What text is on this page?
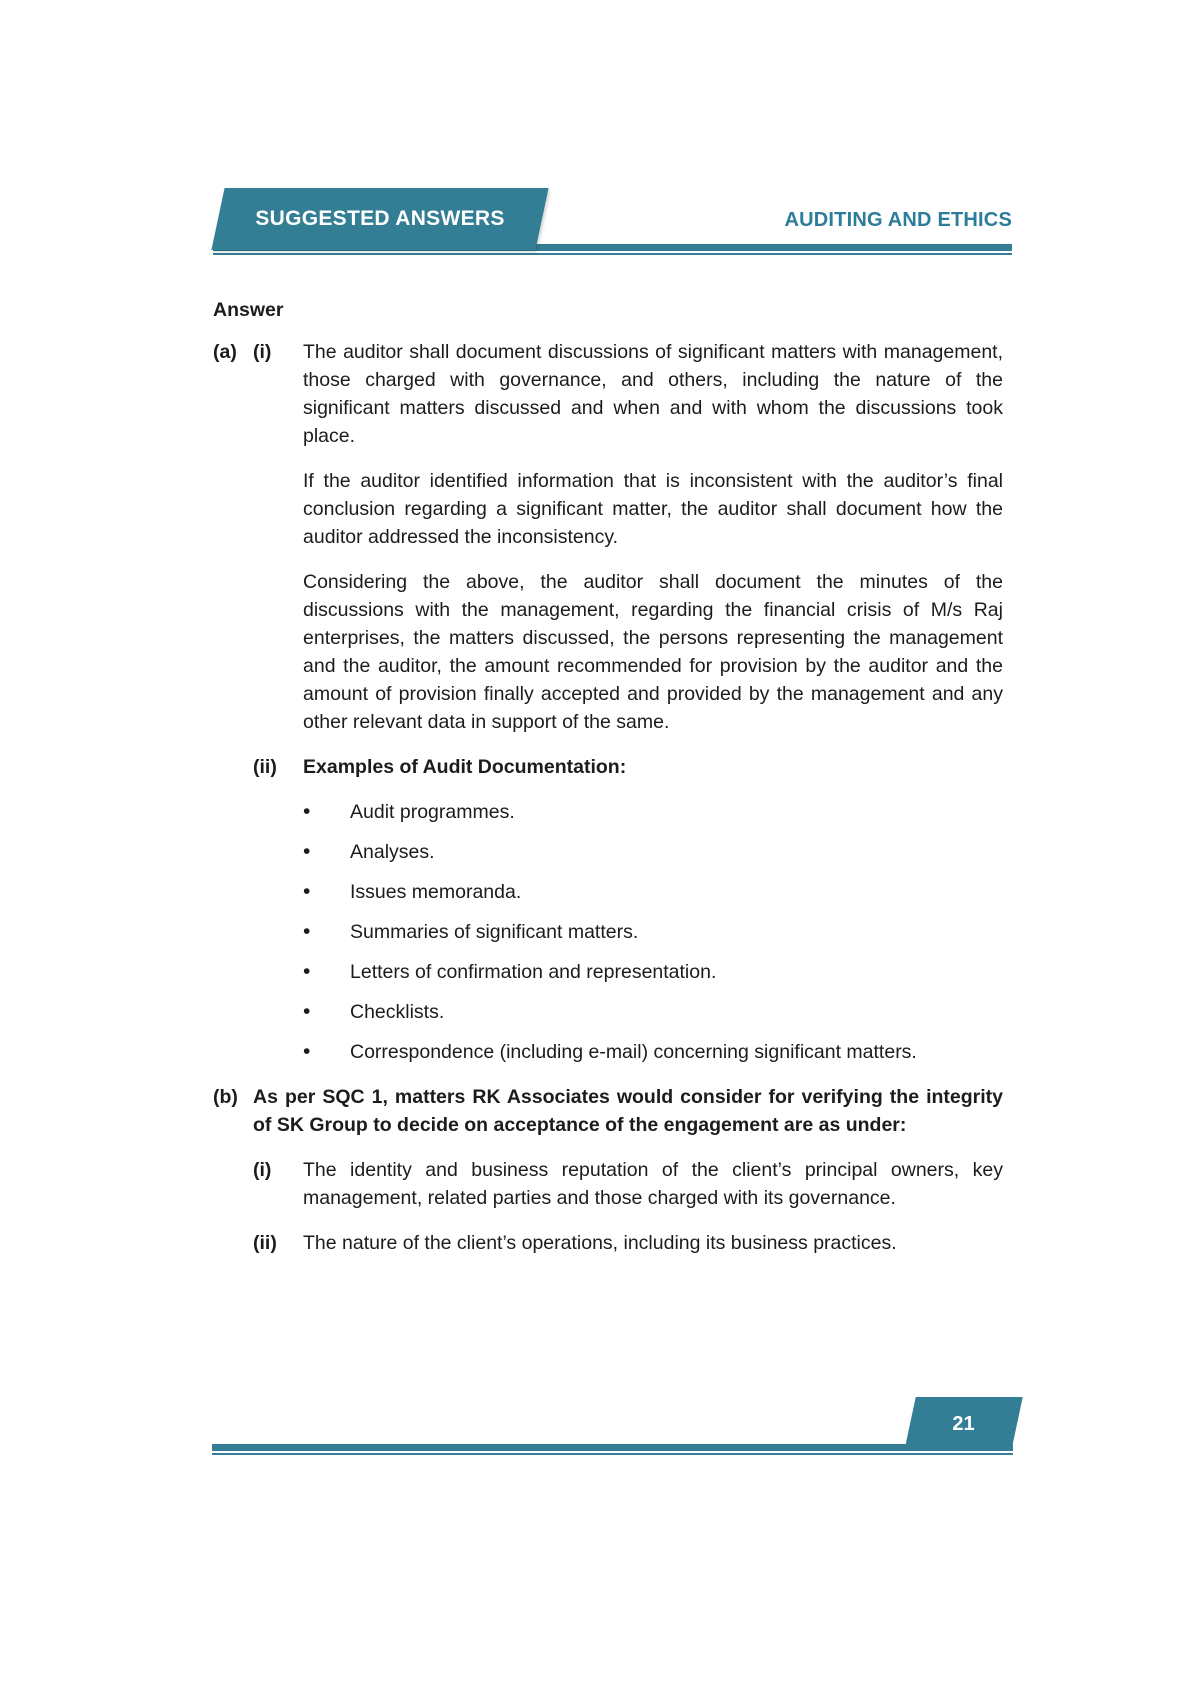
SUGGESTED ANSWERS	AUDITING AND ETHICS
Answer
(a) (i)	The auditor shall document discussions of significant matters with management, those charged with governance, and others, including the nature of the significant matters discussed and when and with whom the discussions took place.

If the auditor identified information that is inconsistent with the auditor’s final conclusion regarding a significant matter, the auditor shall document how the auditor addressed the inconsistency.

Considering the above, the auditor shall document the minutes of the discussions with the management, regarding the financial crisis of M/s Raj enterprises, the matters discussed, the persons representing the management and the auditor, the amount recommended for provision by the auditor and the amount of provision finally accepted and provided by the management and any other relevant data in support of the same.

(ii)	Examples of Audit Documentation:
•	Audit programmes.
•	Analyses.
•	Issues memoranda.
•	Summaries of significant matters.
•	Letters of confirmation and representation.
•	Checklists.
•	Correspondence (including e-mail) concerning significant matters.
(b) As per SQC 1, matters RK Associates would consider for verifying the integrity of SK Group to decide on acceptance of the engagement are as under:
(i)	The identity and business reputation of the client’s principal owners, key management, related parties and those charged with its governance.

(ii)	The nature of the client’s operations, including its business practices.

21
